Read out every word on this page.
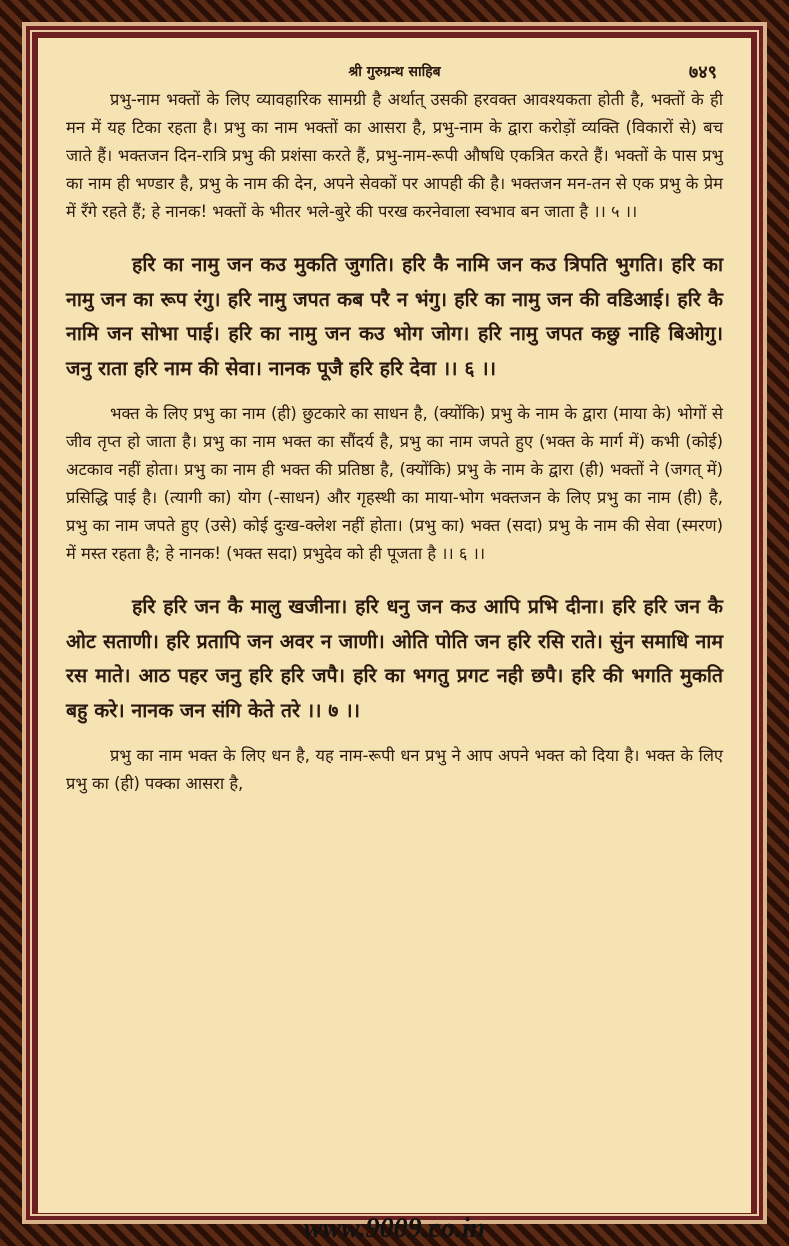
श्री गुरुग्रन्थ साहिब	७४९

प्रभु-नाम भक्तों के लिए व्यावहारिक सामग्री है अर्थात् उसकी हरवक्त आवश्यकता होती है, भक्तों के ही मन में यह टिका रहता है। प्रभु का नाम भक्तों का आसरा है, प्रभु-नाम के द्वारा करोड़ों व्यक्ति (विकारों से) बच जाते हैं। भक्तजन दिन-रात्रि प्रभु की प्रशंसा करते हैं, प्रभु-नाम-रूपी औषधि एकत्रित करते हैं। भक्तों के पास प्रभु का नाम ही भण्डार है, प्रभु के नाम की देन, अपने सेवकों पर आपही की है। भक्तजन मन-तन से एक प्रभु के प्रेम में रँगे रहते हैं; हे नानक! भक्तों के भीतर भले-बुरे की परख करनेवाला स्वभाव बन जाता है ।। ५ ।।

हरि का नामु जन कउ मुकति जुगति। हरि कै नामि जन कउ त्रिपति भुगति। हरि का नामु जन का रूप रंगु। हरि नामु जपत कब परै न भंगु। हरि का नामु जन की वडिआई। हरि कै नामि जन सोभा पाई। हरि का नामु जन कउ भोग जोग। हरि नामु जपत कछु नाहि बिओगु। जनु राता हरि नाम की सेवा। नानक पूजै हरि हरि देवा ।। ६ ।।

भक्त के लिए प्रभु का नाम (ही) छुटकारे का साधन है, (क्योंकि) प्रभु के नाम के द्वारा (माया के) भोगों से जीव तृप्त हो जाता है। प्रभु का नाम भक्त का सौंदर्य है, प्रभु का नाम जपते हुए (भक्त के मार्ग में) कभी (कोई) अटकाव नहीं होता। प्रभु का नाम ही भक्त की प्रतिष्ठा है, (क्योंकि) प्रभु के नाम के द्वारा (ही) भक्तों ने (जगत् में) प्रसिद्धि पाई है। (त्यागी का) योग (-साधन) और गृहस्थी का माया-भोग भक्तजन के लिए प्रभु का नाम (ही) है, प्रभु का नाम जपते हुए (उसे) कोई दुःख-क्लेश नहीं होता। (प्रभु का) भक्त (सदा) प्रभु के नाम की सेवा (स्मरण) में मस्त रहता है; हे नानक! (भक्त सदा) प्रभुदेव को ही पूजता है ।। ६ ।।

हरि हरि जन कै मालु खजीना। हरि धनु जन कउ आपि प्रभि दीना। हरि हरि जन कै ओट सताणी। हरि प्रतापि जन अवर न जाणी। ओति पोति जन हरि रसि राते। सुंन समाधि नाम रस माते। आठ पहर जनु हरि हरि जपै। हरि का भगतु प्रगट नही छपै। हरि की भगति मुकति बहु करे। नानक जन संगि केते तरे ।। ७ ।।

प्रभु का नाम भक्त के लिए धन है, यह नाम-रूपी धन प्रभु ने आप अपने भक्त को दिया है। भक्त के लिए प्रभु का (ही) पक्का आसरा है,

www.9009.co.in
